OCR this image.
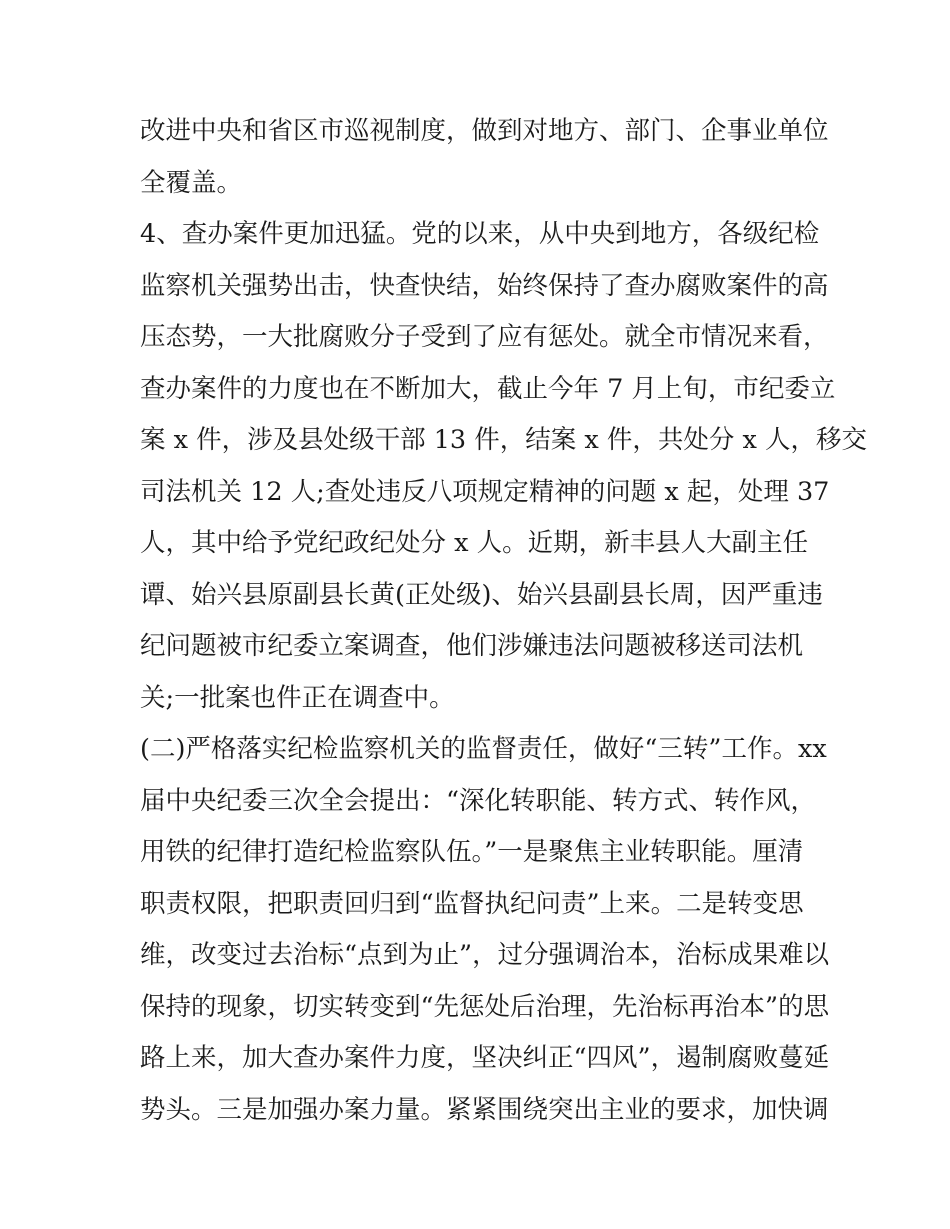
改进中央和省区市巡视制度，做到对地方、部门、企事业单位
全覆盖。
4、查办案件更加迅猛。党的以来，从中央到地方，各级纪检
监察机关强势出击，快查快结，始终保持了查办腐败案件的高
压态势，一大批腐败分子受到了应有惩处。就全市情况来看，
查办案件的力度也在不断加大，截止今年 7 月上旬，市纪委立
案 x 件，涉及县处级干部 13 件，结案 x 件，共处分 x 人，移交
司法机关 12 人;查处违反八项规定精神的问题 x 起，处理 37
人，其中给予党纪政纪处分 x 人。近期，新丰县人大副主任
谭、始兴县原副县长黄(正处级)、始兴县副县长周，因严重违
纪问题被市纪委立案调查，他们涉嫌违法问题被移送司法机
关;一批案也件正在调查中。
(二)严格落实纪检监察机关的监督责任，做好“三转”工作。xx
届中央纪委三次全会提出：“深化转职能、转方式、转作风，
用铁的纪律打造纪检监察队伍。”一是聚焦主业转职能。厘清
职责权限，把职责回归到“监督执纪问责”上来。二是转变思
维，改变过去治标“点到为止”，过分强调治本，治标成果难以
保持的现象，切实转变到“先惩处后治理，先治标再治本”的思
路上来，加大查办案件力度，坚决纠正“四风”，遏制腐败蔓延
势头。三是加强办案力量。紧紧围绕突出主业的要求，加快调
